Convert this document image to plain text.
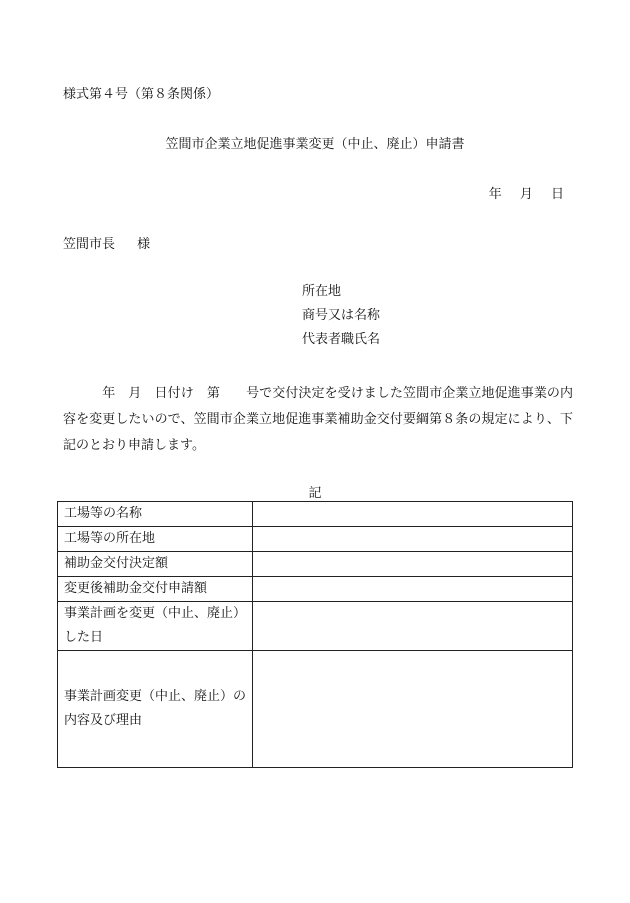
様式第４号（第８条関係）
笠間市企業立地促進事業変更（中止、廃止）申請書
年 月 日
笠間市長 様
所在地
商号又は名称
代表者職氏名
　　　年　月　日付け　第　　号で交付決定を受けました笠間市企業立地促進事業の内容を変更したいので、笠間市企業立地促進事業補助金交付要綱第８条の規定により、下記のとおり申請します。
記
工場等の名称	
工場等の所在地	
補助金交付決定額	
変更後補助金交付申請額	
事業計画を変更（中止、廃止）した日	
事業計画変更（中止、廃止）の内容及び理由	
